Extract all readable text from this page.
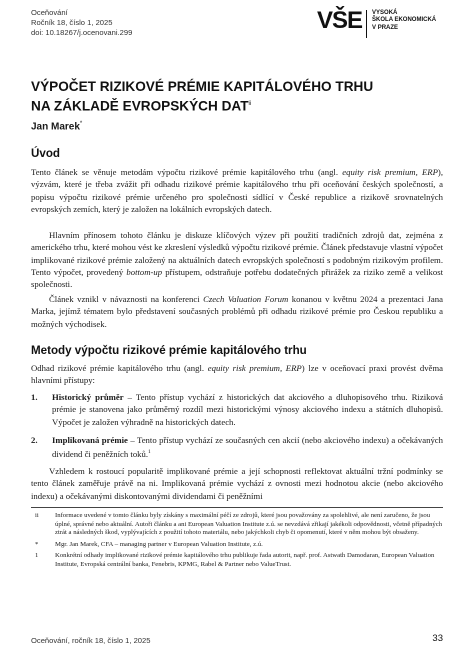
Oceňování
Ročník 18, číslo 1, 2025
doi: 10.18267/j.ocenovani.299	VŠE VYSOKÁ
ŠKOLA EKONOMICKÁ
V PRAZE
VÝPOČET RIZIKOVÉ PRÉMIE KAPITÁLOVÉHO TRHU
NA ZÁKLADĚ EVROPSKÝCH DAT$^{ii}$
Jan Marek*
Úvod
Tento článek se věnuje metodám výpočtu rizikové prémie kapitálového trhu (angl. equity risk premium, ERP), výzvám, které je třeba zvážit při odhadu rizikové prémie kapitálového trhu při oceňování českých společností, a popisu výpočtu rizikové prémie určeného pro společnosti sídlící v České republice a rizikově srovnatelných evropských zemích, který je založen na lokálních evropských datech.
Hlavním přínosem tohoto článku je diskuze klíčových výzev při použití tradičních zdrojů dat, zejména z amerického trhu, které mohou vést ke zkreslení výsledků výpočtu rizikové prémie. Článek představuje vlastní výpočet implikované rizikové prémie založený na aktuálních datech evropských společností s podobným rizikovým profilem. Tento výpočet, provedený bottom-up přístupem, odstraňuje potřebu dodatečných přirážek za riziko země a velikost společnosti.
Článek vznikl v návaznosti na konferenci Czech Valuation Forum konanou v květnu 2024 a prezentaci Jana Marka, jejímž tématem bylo představení současných problémů při odhadu rizikové prémie pro Českou republiku a možných východisek.
Metody výpočtu rizikové prémie kapitálového trhu
Odhad rizikové prémie kapitálového trhu (angl. equity risk premium, ERP) lze v oceňovací praxi provést dvěma hlavními přístupy:
1.	Historický průměr – Tento přístup vychází z historických dat akciového a dluhopisového trhu. Riziková prémie je stanovena jako průměrný rozdíl mezi historickými výnosy akciového indexu a státních dluhopisů. Výpočet je založen výhradně na historických datech.
2.	Implikovaná prémie – Tento přístup vychází ze současných cen akcií (nebo akciového indexu) a očekávaných dividend či peněžních toků.$^1$
Vzhledem k rostoucí popularitě implikované prémie a její schopnosti reflektovat aktuální tržní podmínky se tento článek zaměřuje právě na ni. Implikovaná prémie vychází z ovnosti mezi hodnotou akcie (nebo akciového indexu) a očekávanými diskontovanými dividendami či peněžními
ii	Informace uvedené v tomto článku byly získány s maximální péčí ze zdrojů, které jsou považovány za spolehlivé, ale není zaručeno, že jsou úplné, správné nebo aktuální. Autoři článku a ani European Valuation Institute z.ú. se nevzdává zřikají jakékoli odpovědnosti, včetně případných ztrát a následných škod, vyplývajících z použití tohoto materiálu, nebo jakýchkoli chyb či opomenutí, které v něm mohou být obsaženy.
*	Mgr. Jan Marek, CFA – managing partner v European Valuation Institute, z.ú.
1	Konkrétní odhady implikované rizikové prémie kapitálového trhu publikuje řada autorit, např. prof. Astwath Damodaran, European Valuation Institute, Evropská centrální banka, Fenebris, KPMG, Rabel & Partner nebo ValueTrust.
Oceňování, ročník 18, číslo 1, 2025	33
